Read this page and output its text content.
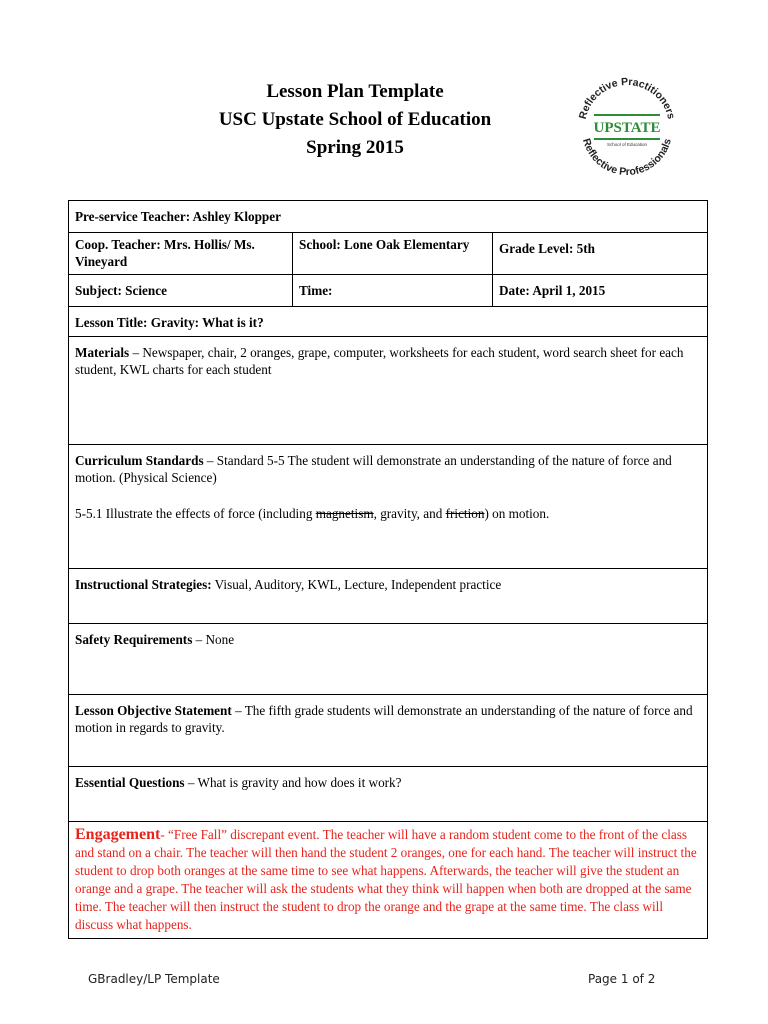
Lesson Plan Template
USC Upstate School of Education
Spring 2015
Reflective Practitioners
Reflective Professionals
UPSTATE
School of Education
Pre-service Teacher: Ashley Klopper		
Coop. Teacher: Mrs. Hollis/ Ms. Vineyard	School: Lone Oak Elementary	Grade Level: 5th
Subject: Science	Time:	Date: April 1, 2015
Lesson Title: Gravity: What is it?		
Materials – Newspaper, chair, 2 oranges, grape, computer, worksheets for each student, word search sheet for each student, KWL charts for each student		

Curriculum Standards – Standard 5-5 The student will demonstrate an understanding of the nature of force and motion. (Physical Science)

5-5.1 Illustrate the effects of force (including magnetism, gravity, and friction) on motion.		

Instructional Strategies: Visual, Auditory, KWL, Lecture, Independent practice		
Safety Requirements – None		
Lesson Objective Statement – The fifth grade students will demonstrate an understanding of the nature of force and motion in regards to gravity.		
Essential Questions – What is gravity and how does it work?		
Engagement- “Free Fall” discrepant event. The teacher will have a random student come to the front of the class and stand on a chair. The teacher will then hand the student 2 oranges, one for each hand. The teacher will instruct the student to drop both oranges at the same time to see what happens. Afterwards, the teacher will give the student an orange and a grape. The teacher will ask the students what they think will happen when both are dropped at the same time. The teacher will then instruct the student to drop the orange and the grape at the same time. The class will discuss what happens.		
GBradley/LP Template	Page 1 of 2
